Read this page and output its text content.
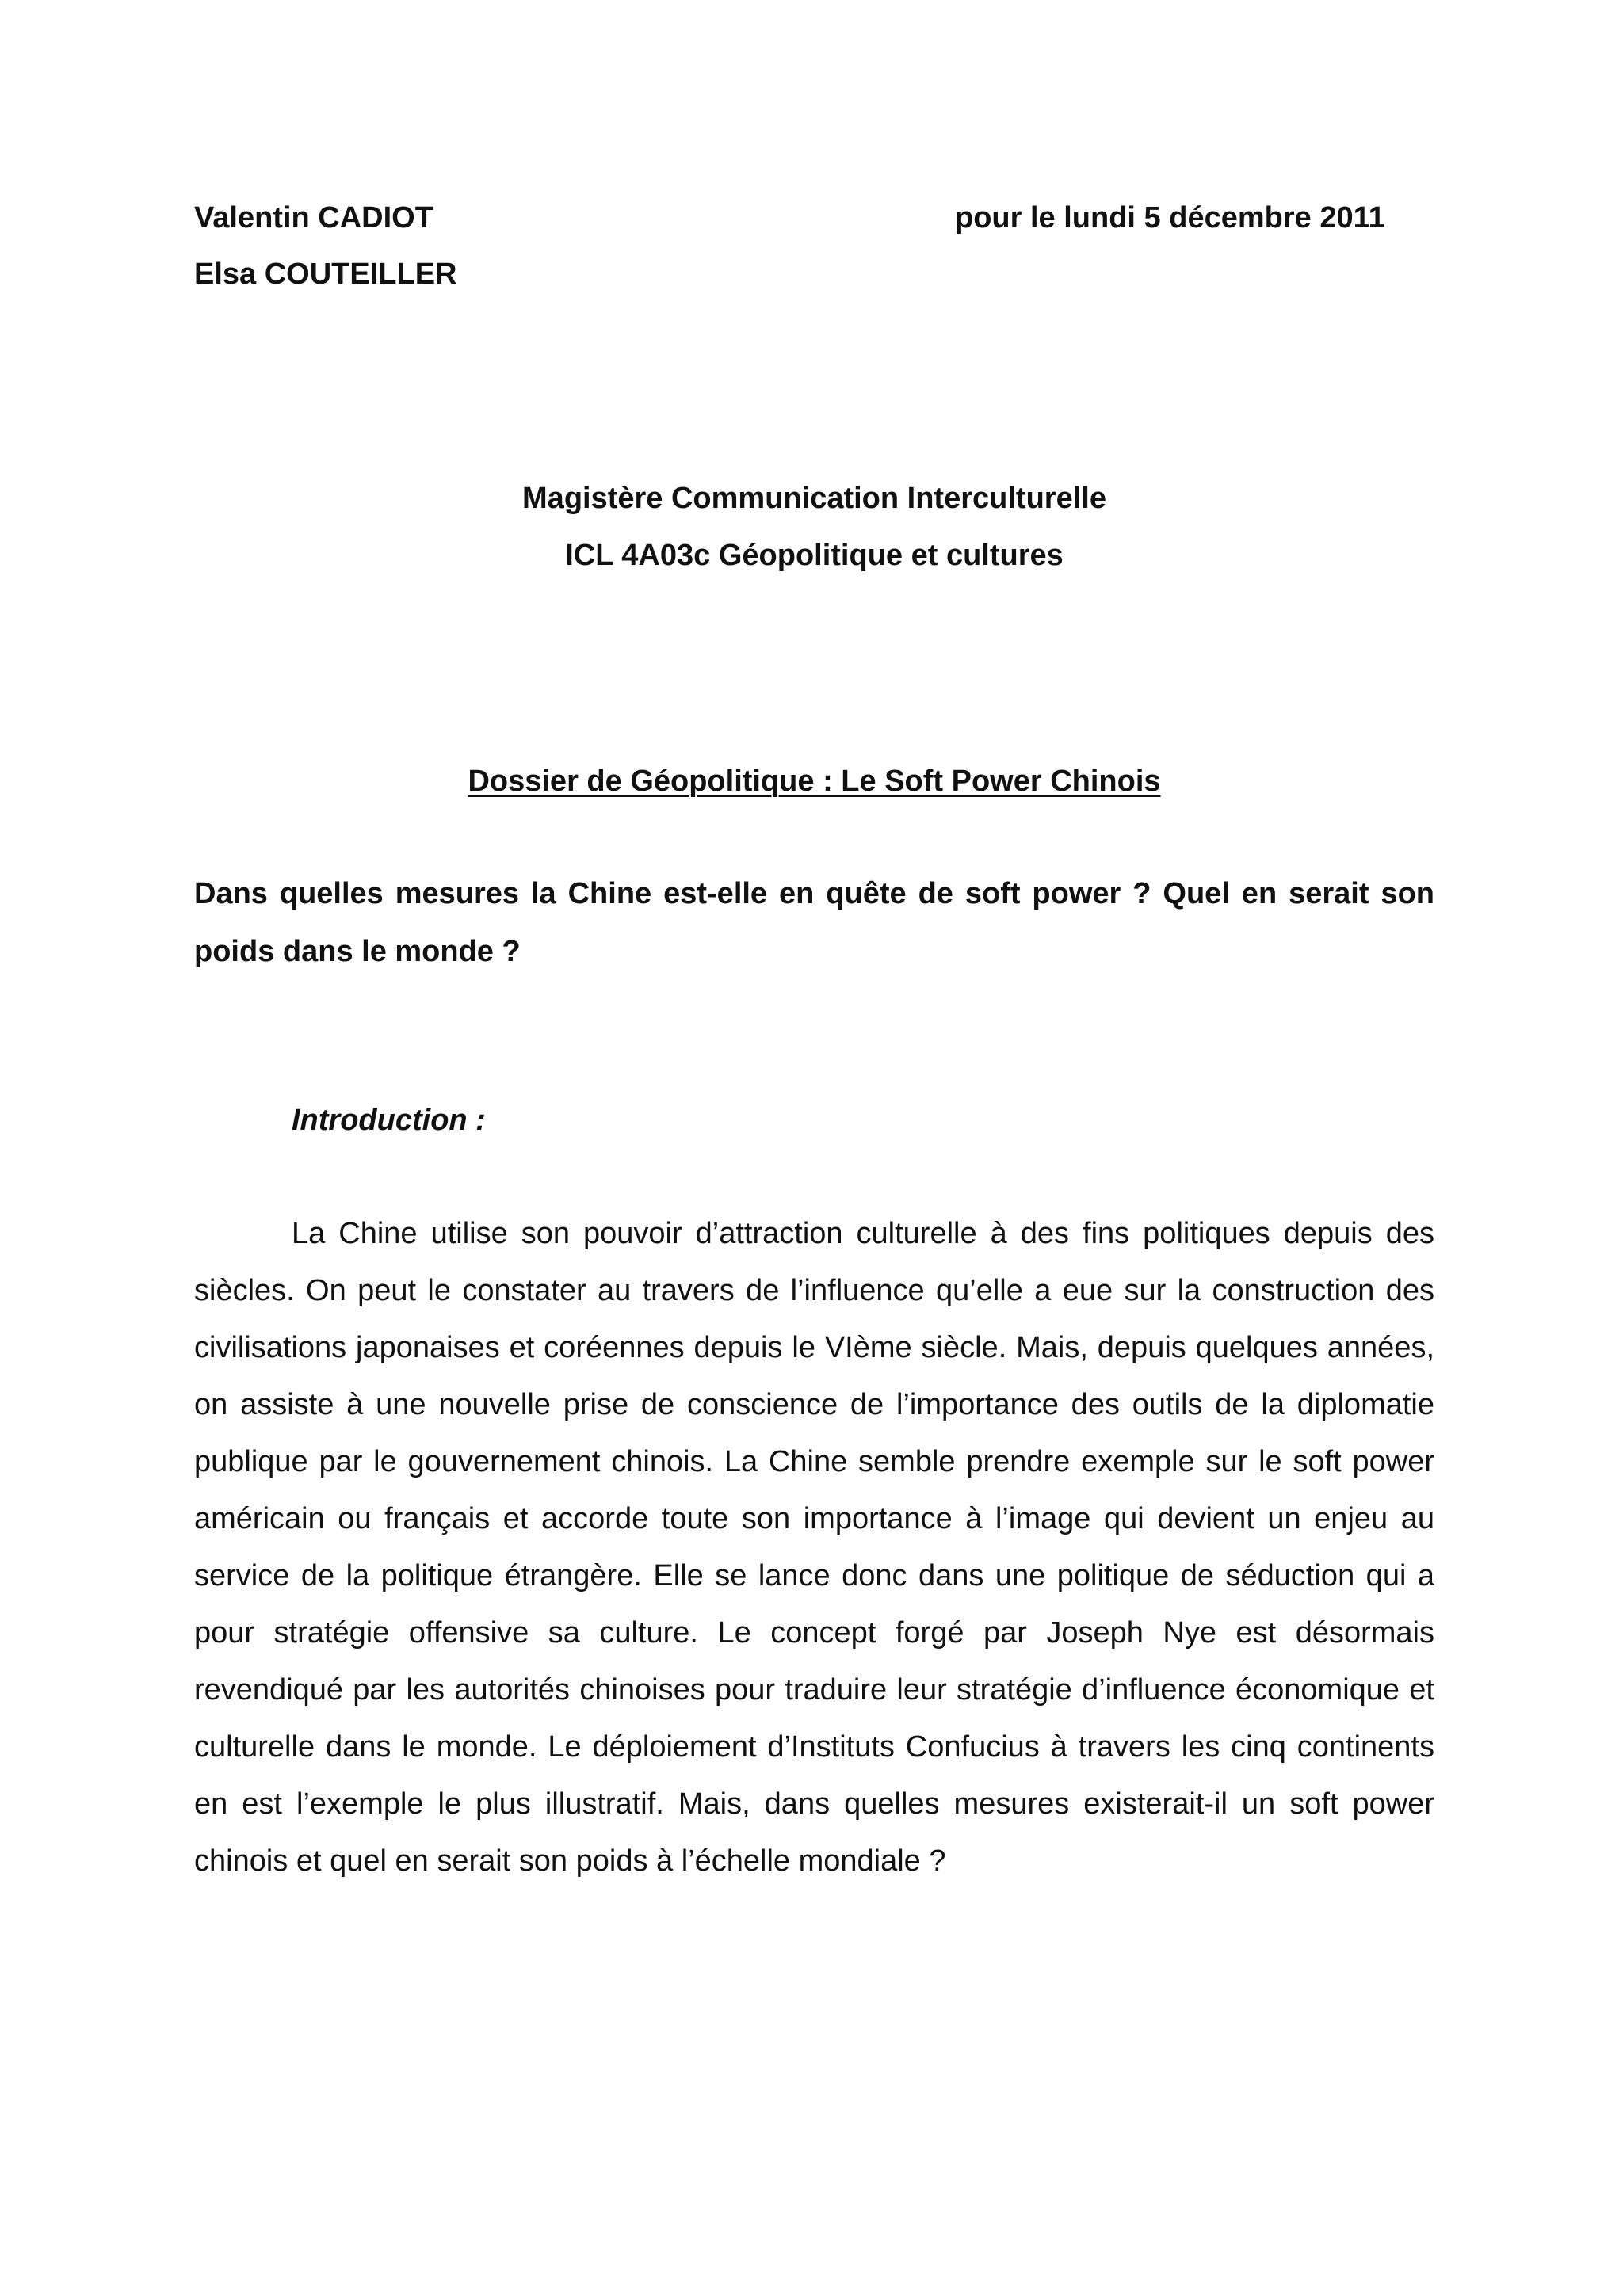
Valentin CADIOT
Elsa COUTEILLER
pour le lundi 5 décembre 2011
Magistère Communication Interculturelle
ICL 4A03c Géopolitique et cultures
Dossier de Géopolitique : Le Soft Power Chinois
Dans quelles mesures la Chine est-elle en quête de soft power ? Quel en serait son poids dans le monde ?
Introduction :

La Chine utilise son pouvoir d’attraction culturelle à des fins politiques depuis des siècles. On peut le constater au travers de l’influence qu’elle a eue sur la construction des civilisations japonaises et coréennes depuis le VIème siècle. Mais, depuis quelques années, on assiste à une nouvelle prise de conscience de l’importance des outils de la diplomatie publique par le gouvernement chinois. La Chine semble prendre exemple sur le soft power américain ou français et accorde toute son importance à l’image qui devient un enjeu au service de la politique étrangère. Elle se lance donc dans une politique de séduction qui a pour stratégie offensive sa culture. Le concept forgé par Joseph Nye est désormais revendiqué par les autorités chinoises pour traduire leur stratégie d’influence économique et culturelle dans le monde. Le déploiement d’Instituts Confucius à travers les cinq continents en est l’exemple le plus illustratif. Mais, dans quelles mesures existerait-il un soft power chinois et quel en serait son poids à l’échelle mondiale ?
